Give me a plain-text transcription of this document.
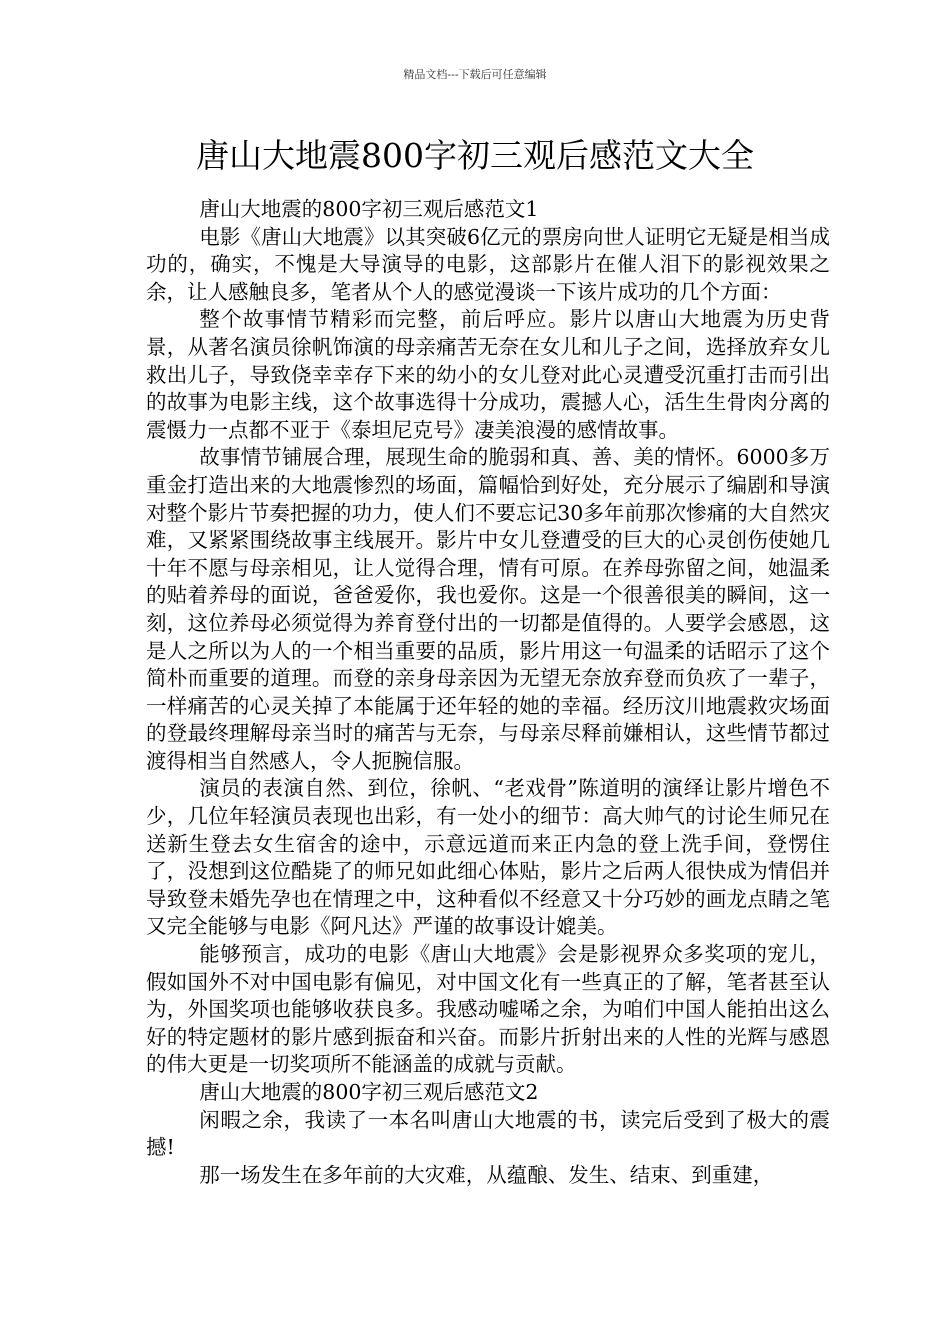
精品文档---下载后可任意编辑
唐山大地震800字初三观后感范文大全

唐山大地震的800字初三观后感范文1

电影《唐山大地震》以其突破6亿元的票房向世人证明它无疑是相当成功的，确实，不愧是大导演导的电影，这部影片在催人泪下的影视效果之余，让人感触良多，笔者从个人的感觉漫谈一下该片成功的几个方面：

整个故事情节精彩而完整，前后呼应。影片以唐山大地震为历史背景，从著名演员徐帆饰演的母亲痛苦无奈在女儿和儿子之间，选择放弃女儿救出儿子，导致侥幸幸存下来的幼小的女儿登对此心灵遭受沉重打击而引出的故事为电影主线，这个故事选得十分成功，震撼人心，活生生骨肉分离的震慑力一点都不亚于《泰坦尼克号》凄美浪漫的感情故事。

故事情节铺展合理，展现生命的脆弱和真、善、美的情怀。6000多万重金打造出来的大地震惨烈的场面，篇幅恰到好处，充分展示了编剧和导演对整个影片节奏把握的功力，使人们不要忘记30多年前那次惨痛的大自然灾难，又紧紧围绕故事主线展开。影片中女儿登遭受的巨大的心灵创伤使她几十年不愿与母亲相见，让人觉得合理，情有可原。在养母弥留之间，她温柔的贴着养母的面说，爸爸爱你，我也爱你。这是一个很善很美的瞬间，这一刻，这位养母必须觉得为养育登付出的一切都是值得的。人要学会感恩，这是人之所以为人的一个相当重要的品质，影片用这一句温柔的话昭示了这个简朴而重要的道理。而登的亲身母亲因为无望无奈放弃登而负疚了一辈子，一样痛苦的心灵关掉了本能属于还年轻的她的幸福。经历汶川地震救灾场面的登最终理解母亲当时的痛苦与无奈，与母亲尽释前嫌相认，这些情节都过渡得相当自然感人，令人扼腕信服。

演员的表演自然、到位，徐帆、“老戏骨”陈道明的演绎让影片增色不少，几位年轻演员表现也出彩，有一处小的细节：高大帅气的讨论生师兄在送新生登去女生宿舍的途中，示意远道而来正内急的登上洗手间，登愣住了，没想到这位酷毙了的师兄如此细心体贴，影片之后两人很快成为情侣并导致登未婚先孕也在情理之中，这种看似不经意又十分巧妙的画龙点睛之笔又完全能够与电影《阿凡达》严谨的故事设计媲美。

能够预言，成功的电影《唐山大地震》会是影视界众多奖项的宠儿，假如国外不对中国电影有偏见，对中国文化有一些真正的了解，笔者甚至认为，外国奖项也能够收获良多。我感动嘘唏之余，为咱们中国人能拍出这么好的特定题材的影片感到振奋和兴奋。而影片折射出来的人性的光辉与感恩的伟大更是一切奖项所不能涵盖的成就与贡献。

唐山大地震的800字初三观后感范文2

闲暇之余，我读了一本名叫唐山大地震的书，读完后受到了极大的震撼!

那一场发生在多年前的大灾难，从蕴酿、发生、结束、到重建，
